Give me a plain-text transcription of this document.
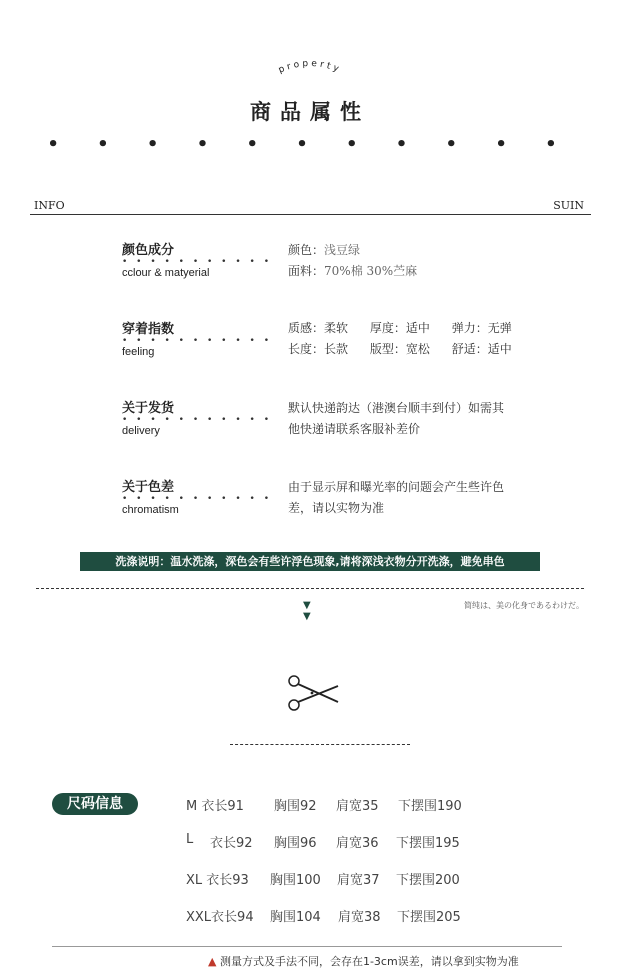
property
商品属性
• • • • • • • • • • •
INFO	SUIN
颜色成分
• • • • • • • • • • •
cclour & matyerial
颜色：浅豆绿
面料：70%棉 30%苎麻
穿着指数
• • • • • • • • • • •
feeling
质感：柔软 厚度：适中 弹力：无弹
长度：长款 版型：宽松 舒适：适中
关于发货
• • • • • • • • • • •
delivery
默认快递韵达（港澳台顺丰到付）如需其
他快递请联系客服补差价
关于色差
• • • • • • • • • • •
chromatism
由于显示屏和曝光率的问题会产生些许色
差，请以实物为准
洗涤说明：温水洗涤，深色会有些许浮色现象,请将深浅衣物分开洗涤，避免串色
▼
▼
简纯は、美の化身であるわけだ。
尺码信息	M 衣长91 胸围92 肩宽35 下摆围190
L 衣长92 胸围96 肩宽36 下摆围195
XL 衣长93 胸围100 肩宽37 下摆围200
XXL衣长94 胸围104 肩宽38 下摆围205
▲ 测量方式及手法不同，会存在1-3cm误差，请以拿到实物为准
